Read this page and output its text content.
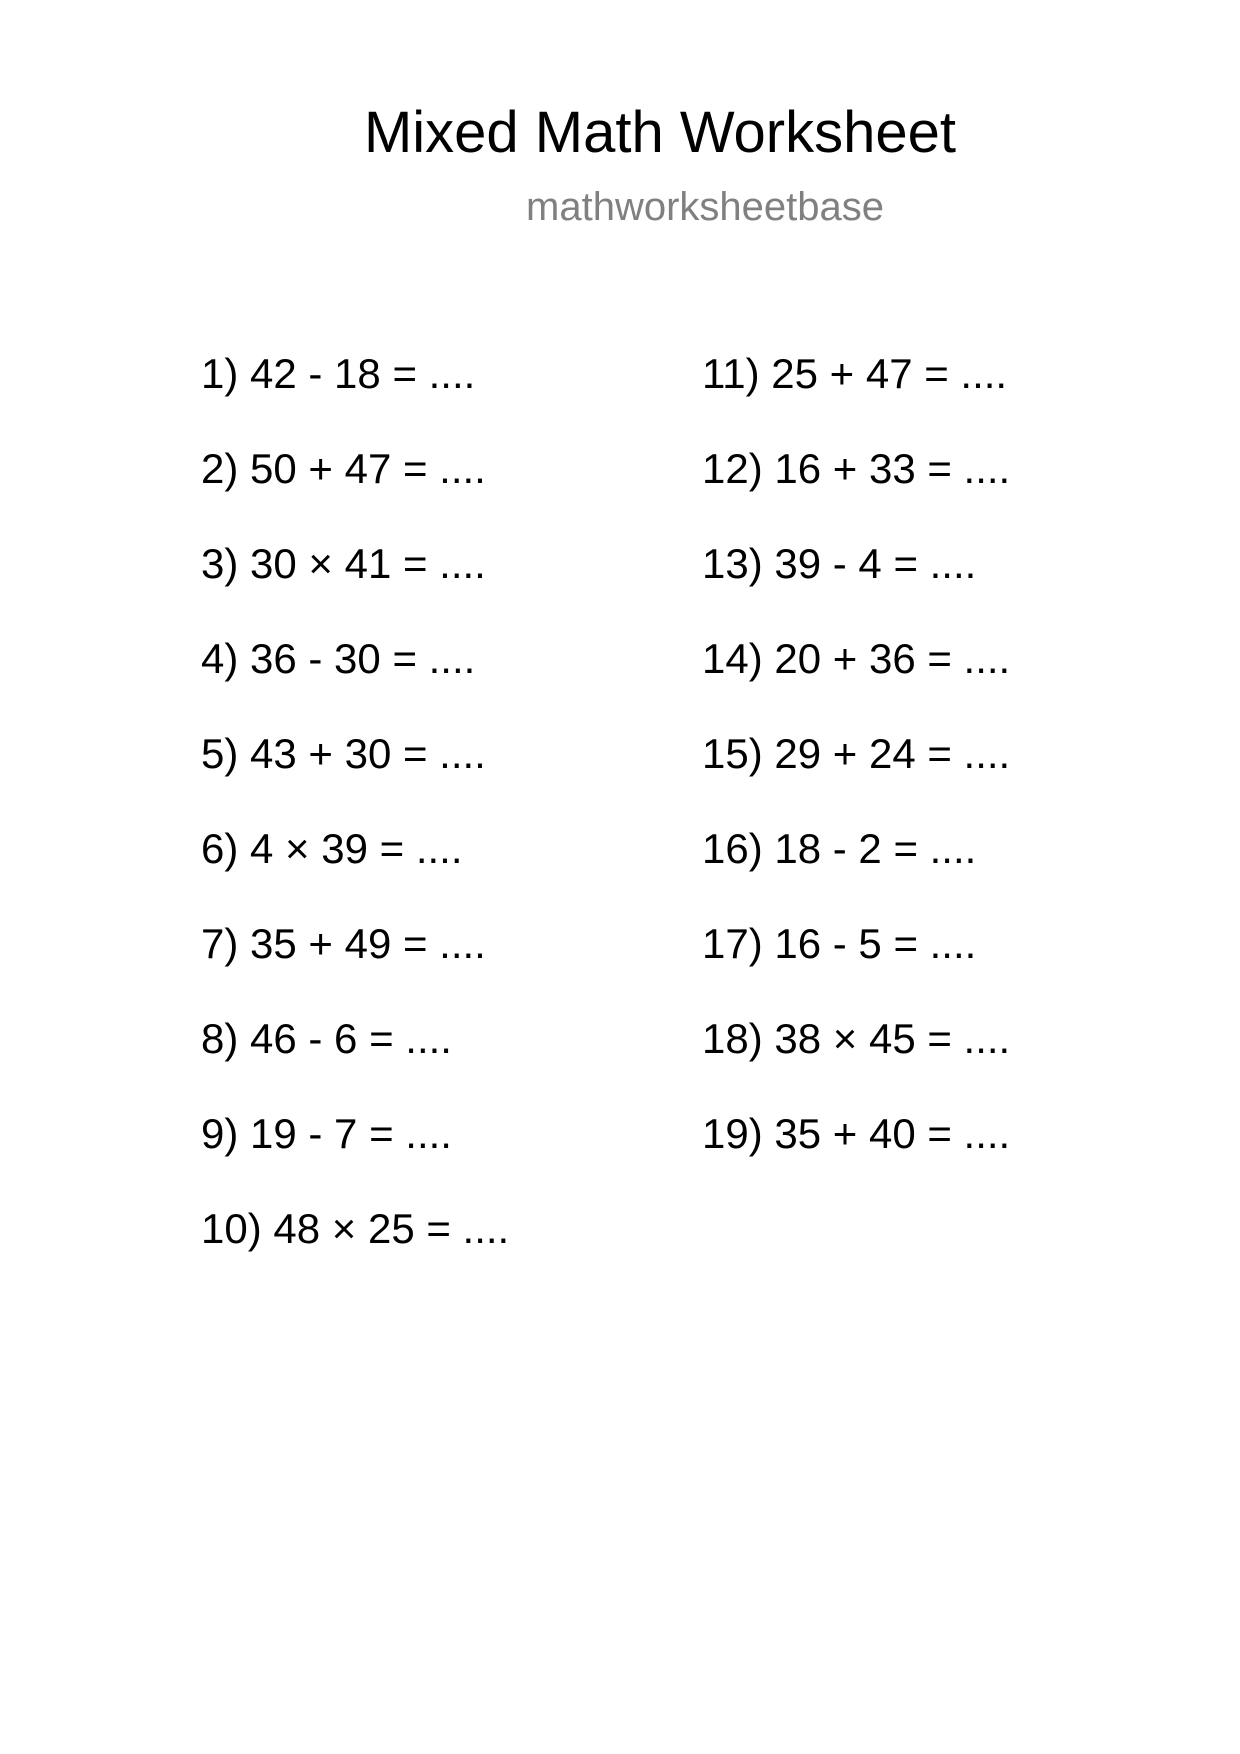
Mixed Math Worksheet
mathworksheetbase
1) 42 - 18 = ....
2) 50 + 47 = ....
3) 30 × 41 = ....
4) 36 - 30 = ....
5) 43 + 30 = ....
6) 4 × 39 = ....
7) 35 + 49 = ....
8) 46 - 6 = ....
9) 19 - 7 = ....
10) 48 × 25 = ....
11) 25 + 47 = ....
12) 16 + 33 = ....
13) 39 - 4 = ....
14) 20 + 36 = ....
15) 29 + 24 = ....
16) 18 - 2 = ....
17) 16 - 5 = ....
18) 38 × 45 = ....
19) 35 + 40 = ....
